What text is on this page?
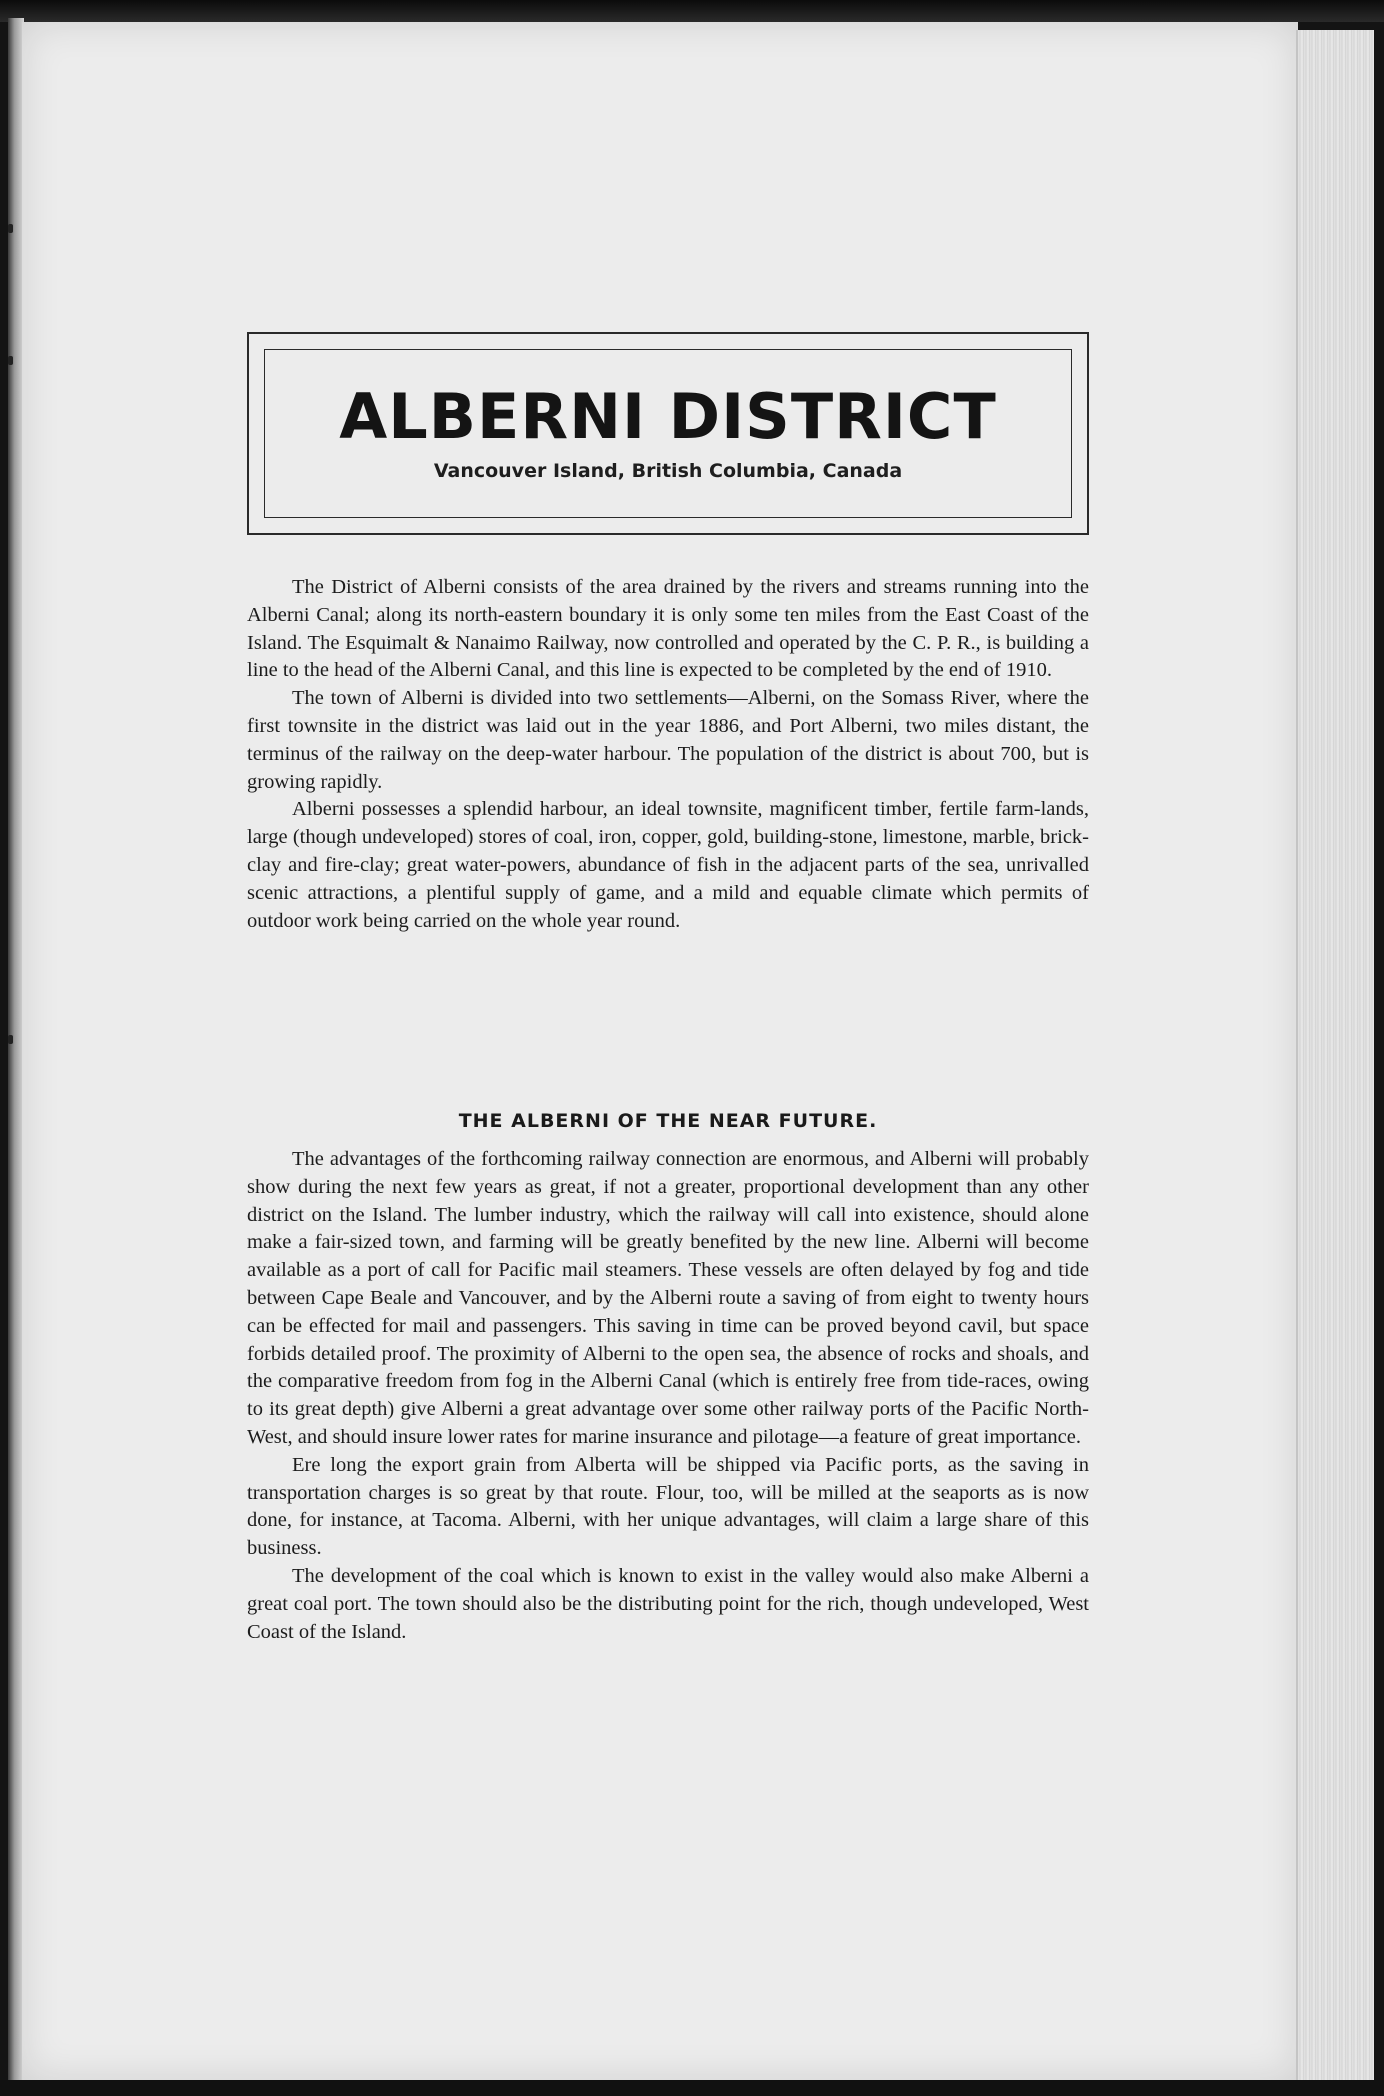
ALBERNI DISTRICT
Vancouver Island, British Columbia, Canada

The District of Alberni consists of the area drained by the rivers and streams running into the Alberni Canal; along its north-eastern boundary it is only some ten miles from the East Coast of the Island. The Esquimalt & Nanaimo Railway, now controlled and operated by the C. P. R., is building a line to the head of the Alberni Canal, and this line is expected to be completed by the end of 1910.

The town of Alberni is divided into two settlements—Alberni, on the Somass River, where the first townsite in the district was laid out in the year 1886, and Port Alberni, two miles distant, the terminus of the railway on the deep-water harbour. The population of the district is about 700, but is growing rapidly.

Alberni possesses a splendid harbour, an ideal townsite, magnificent timber, fertile farm-lands, large (though undeveloped) stores of coal, iron, copper, gold, building-stone, limestone, marble, brick-clay and fire-clay; great water-powers, abundance of fish in the adjacent parts of the sea, unrivalled scenic attractions, a plentiful supply of game, and a mild and equable climate which permits of outdoor work being carried on the whole year round.

THE ALBERNI OF THE NEAR FUTURE.

The advantages of the forthcoming railway connection are enormous, and Alberni will probably show during the next few years as great, if not a greater, proportional development than any other district on the Island. The lumber industry, which the railway will call into existence, should alone make a fair-sized town, and farming will be greatly benefited by the new line. Alberni will become available as a port of call for Pacific mail steamers. These vessels are often delayed by fog and tide between Cape Beale and Vancouver, and by the Alberni route a saving of from eight to twenty hours can be effected for mail and passengers. This saving in time can be proved beyond cavil, but space forbids detailed proof. The proximity of Alberni to the open sea, the absence of rocks and shoals, and the comparative freedom from fog in the Alberni Canal (which is entirely free from tide-races, owing to its great depth) give Alberni a great advantage over some other railway ports of the Pacific North-West, and should insure lower rates for marine insurance and pilotage—a feature of great importance.

Ere long the export grain from Alberta will be shipped via Pacific ports, as the saving in transportation charges is so great by that route. Flour, too, will be milled at the seaports as is now done, for instance, at Tacoma. Alberni, with her unique advantages, will claim a large share of this business.

The development of the coal which is known to exist in the valley would also make Alberni a great coal port. The town should also be the distributing point for the rich, though undeveloped, West Coast of the Island.
